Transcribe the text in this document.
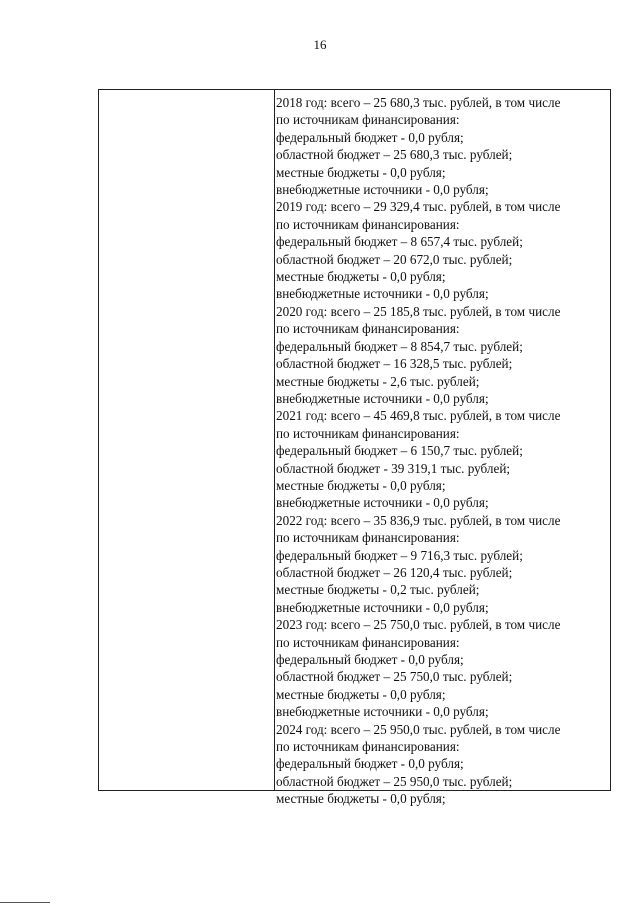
16
2018 год: всего – 25 680,3 тыс. рублей, в том числе
по источникам финансирования:
федеральный бюджет - 0,0 рубля;
областной бюджет – 25 680,3 тыс. рублей;
местные бюджеты - 0,0 рубля;
внебюджетные источники - 0,0 рубля;
2019 год: всего – 29 329,4 тыс. рублей, в том числе
по источникам финансирования:
федеральный бюджет – 8 657,4 тыс. рублей;
областной бюджет – 20 672,0 тыс. рублей;
местные бюджеты - 0,0 рубля;
внебюджетные источники - 0,0 рубля;
2020 год: всего – 25 185,8 тыс. рублей, в том числе
по источникам финансирования:
федеральный бюджет – 8 854,7 тыс. рублей;
областной бюджет – 16 328,5 тыс. рублей;
местные бюджеты - 2,6 тыс. рублей;
внебюджетные источники - 0,0 рубля;
2021 год: всего – 45 469,8 тыс. рублей, в том числе
по источникам финансирования:
федеральный бюджет – 6 150,7 тыс. рублей;
областной бюджет - 39 319,1 тыс. рублей;
местные бюджеты - 0,0 рубля;
внебюджетные источники - 0,0 рубля;
2022 год: всего – 35 836,9 тыс. рублей, в том числе
по источникам финансирования:
федеральный бюджет – 9 716,3 тыс. рублей;
областной бюджет – 26 120,4 тыс. рублей;
местные бюджеты - 0,2 тыс. рублей;
внебюджетные источники - 0,0 рубля;
2023 год: всего – 25 750,0 тыс. рублей, в том числе
по источникам финансирования:
федеральный бюджет - 0,0 рубля;
областной бюджет – 25 750,0 тыс. рублей;
местные бюджеты - 0,0 рубля;
внебюджетные источники - 0,0 рубля;
2024 год: всего – 25 950,0 тыс. рублей, в том числе
по источникам финансирования:
федеральный бюджет - 0,0 рубля;
областной бюджет – 25 950,0 тыс. рублей;
местные бюджеты - 0,0 рубля;
